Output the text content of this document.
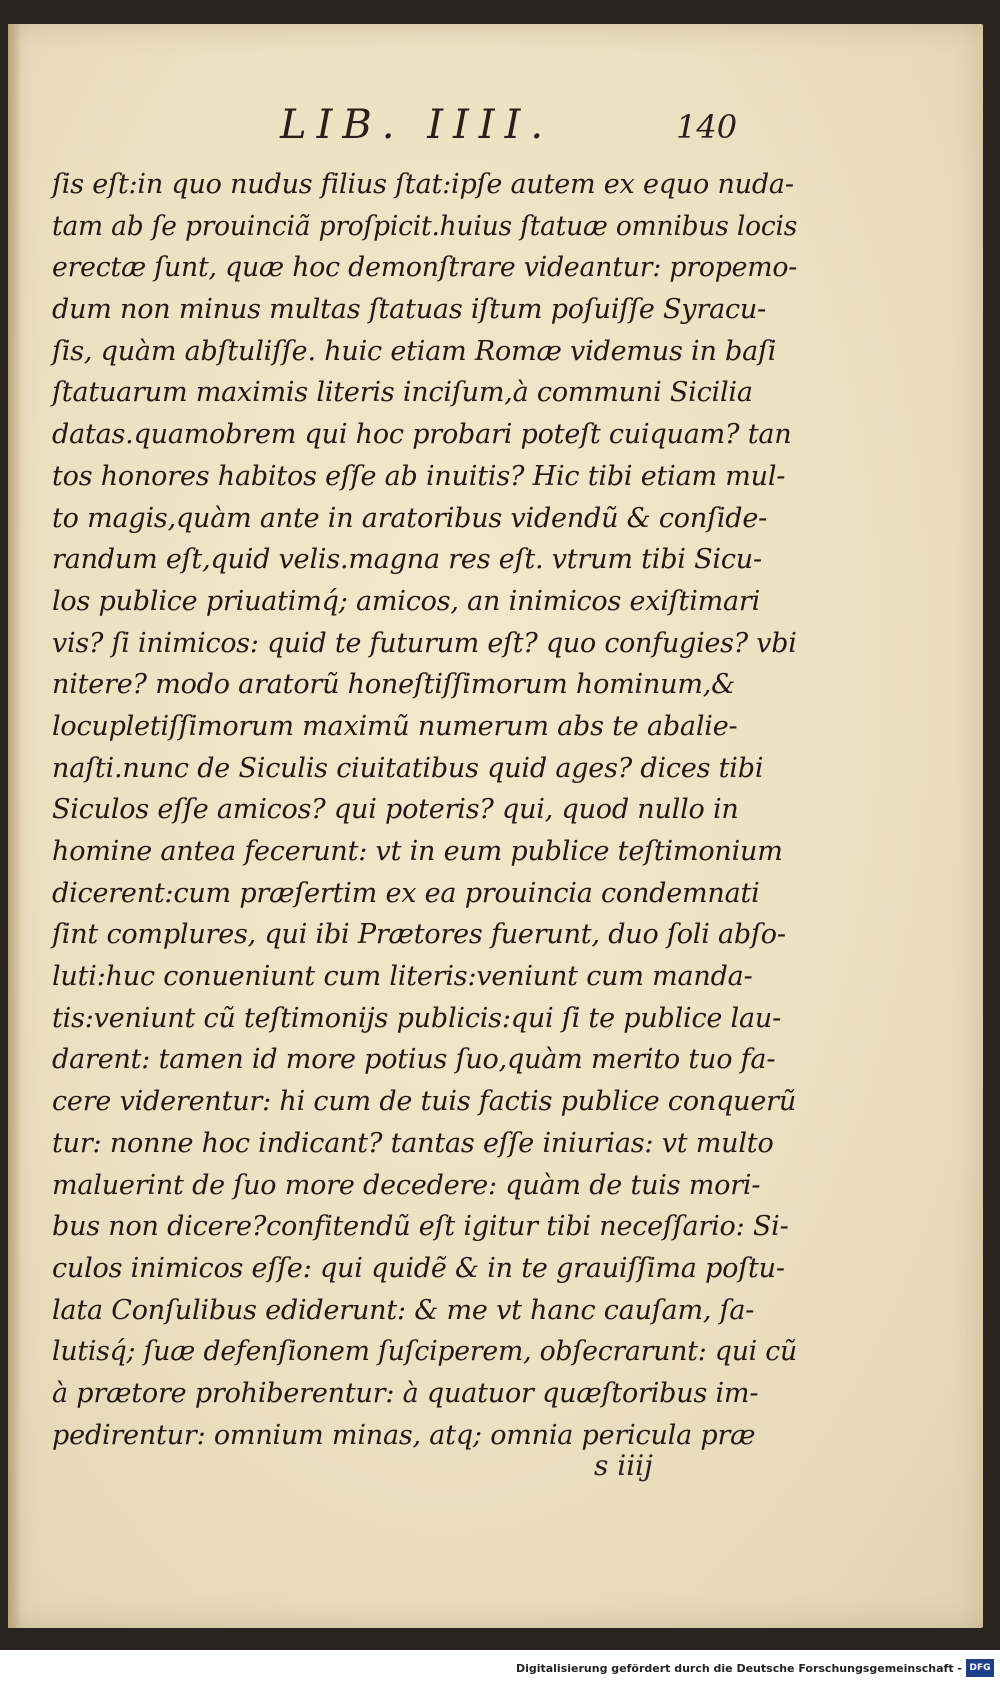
LIB. IIII.	140
ſis eſt:in quo nudus filius ſtat:ipſe autem ex equo nuda-
tam ab ſe prouinciã proſpicit.huius ſtatuæ omnibus locis
erectæ ſunt, quæ hoc demonſtrare videantur: propemo-
dum non minus multas ſtatuas iſtum poſuiſſe Syracu-
ſis, quàm abſtuliſſe. huic etiam Romæ videmus in baſi
ſtatuarum maximis literis inciſum,à communi Sicilia
datas.quamobrem qui hoc probari poteſt cuiquam? tan
tos honores habitos eſſe ab inuitis? Hic tibi etiam mul-
to magis,quàm ante in aratoribus videndũ & conſide-
randum eſt,quid velis.magna res eſt. vtrum tibi Sicu-
los publice priuatimq́; amicos, an inimicos exiſtimari
vis? ſi inimicos: quid te futurum eſt? quo confugies? vbi
nitere? modo aratorũ honeſtiſſimorum hominum,&
locupletiſſimorum maximũ numerum abs te abalie-
naſti.nunc de Siculis ciuitatibus quid ages? dices tibi
Siculos eſſe amicos? qui poteris? qui, quod nullo in
homine antea fecerunt: vt in eum publice teſtimonium
dicerent:cum præſertim ex ea prouincia condemnati
ſint complures, qui ibi Prætores fuerunt, duo ſoli abſo-
luti:huc conueniunt cum literis:veniunt cum manda-
tis:veniunt cũ teſtimonijs publicis:qui ſi te publice lau-
darent: tamen id more potius ſuo,quàm merito tuo fa-
cere viderentur: hi cum de tuis factis publice conquerũ
tur: nonne hoc indicant? tantas eſſe iniurias: vt multo
maluerint de ſuo more decedere: quàm de tuis mori-
bus non dicere?confitendũ eſt igitur tibi neceſſario: Si-
culos inimicos eſſe: qui quidẽ & in te grauiſſima poſtu-
lata Conſulibus ediderunt: & me vt hanc cauſam, ſa-
lutisq́; ſuæ defenſionem ſuſciperem, obſecrarunt: qui cũ
à prætore prohiberentur: à quatuor quæſtoribus im-
pedirentur: omnium minas, atq; omnia pericula præ
s iiij
Digitalisierung gefördert durch die Deutsche Forschungsgemeinschaft - DFG
